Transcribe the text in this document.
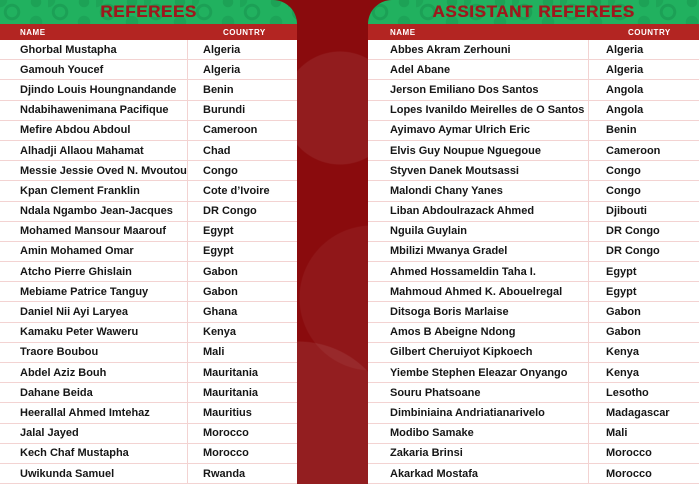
REFEREES
NAME	COUNTRY
Ghorbal Mustapha	Algeria
Gamouh Youcef	Algeria
Djindo Louis Houngnandande	Benin
Ndabihawenimana Pacifique	Burundi
Mefire Abdou Abdoul	Cameroon
Alhadji Allaou Mahamat	Chad
Messie Jessie Oved N. Mvoutou	Congo
Kpan Clement Franklin	Cote d’Ivoire
Ndala Ngambo Jean-Jacques	DR Congo
Mohamed Mansour Maarouf	Egypt
Amin Mohamed Omar	Egypt
Atcho Pierre Ghislain	Gabon
Mebiame Patrice Tanguy	Gabon
Daniel Nii Ayi Laryea	Ghana
Kamaku Peter Waweru	Kenya
Traore Boubou	Mali
Abdel Aziz Bouh	Mauritania
Dahane Beida	Mauritania
Heerallal Ahmed Imtehaz	Mauritius
Jalal Jayed	Morocco
Kech Chaf Mustapha	Morocco
Uwikunda Samuel	Rwanda
ASSISTANT REFEREES
NAME	COUNTRY
Abbes Akram Zerhouni	Algeria
Adel Abane	Algeria
Jerson Emiliano Dos Santos	Angola
Lopes Ivanildo Meirelles de O Santos	Angola
Ayimavo Aymar Ulrich Eric	Benin
Elvis Guy Noupue Nguegoue	Cameroon
Styven Danek Moutsassi	Congo
Malondi Chany Yanes	Congo
Liban Abdoulrazack Ahmed	Djibouti
Nguila Guylain	DR Congo
Mbilizi Mwanya Gradel	DR Congo
Ahmed Hossameldin Taha I.	Egypt
Mahmoud Ahmed K. Abouelregal	Egypt
Ditsoga Boris Marlaise	Gabon
Amos B Abeigne Ndong	Gabon
Gilbert Cheruiyot Kipkoech	Kenya
Yiembe Stephen Eleazar Onyango	Kenya
Souru Phatsoane	Lesotho
Dimbiniaina Andriatianarivelo	Madagascar
Modibo Samake	Mali
Zakaria Brinsi	Morocco
Akarkad Mostafa	Morocco
